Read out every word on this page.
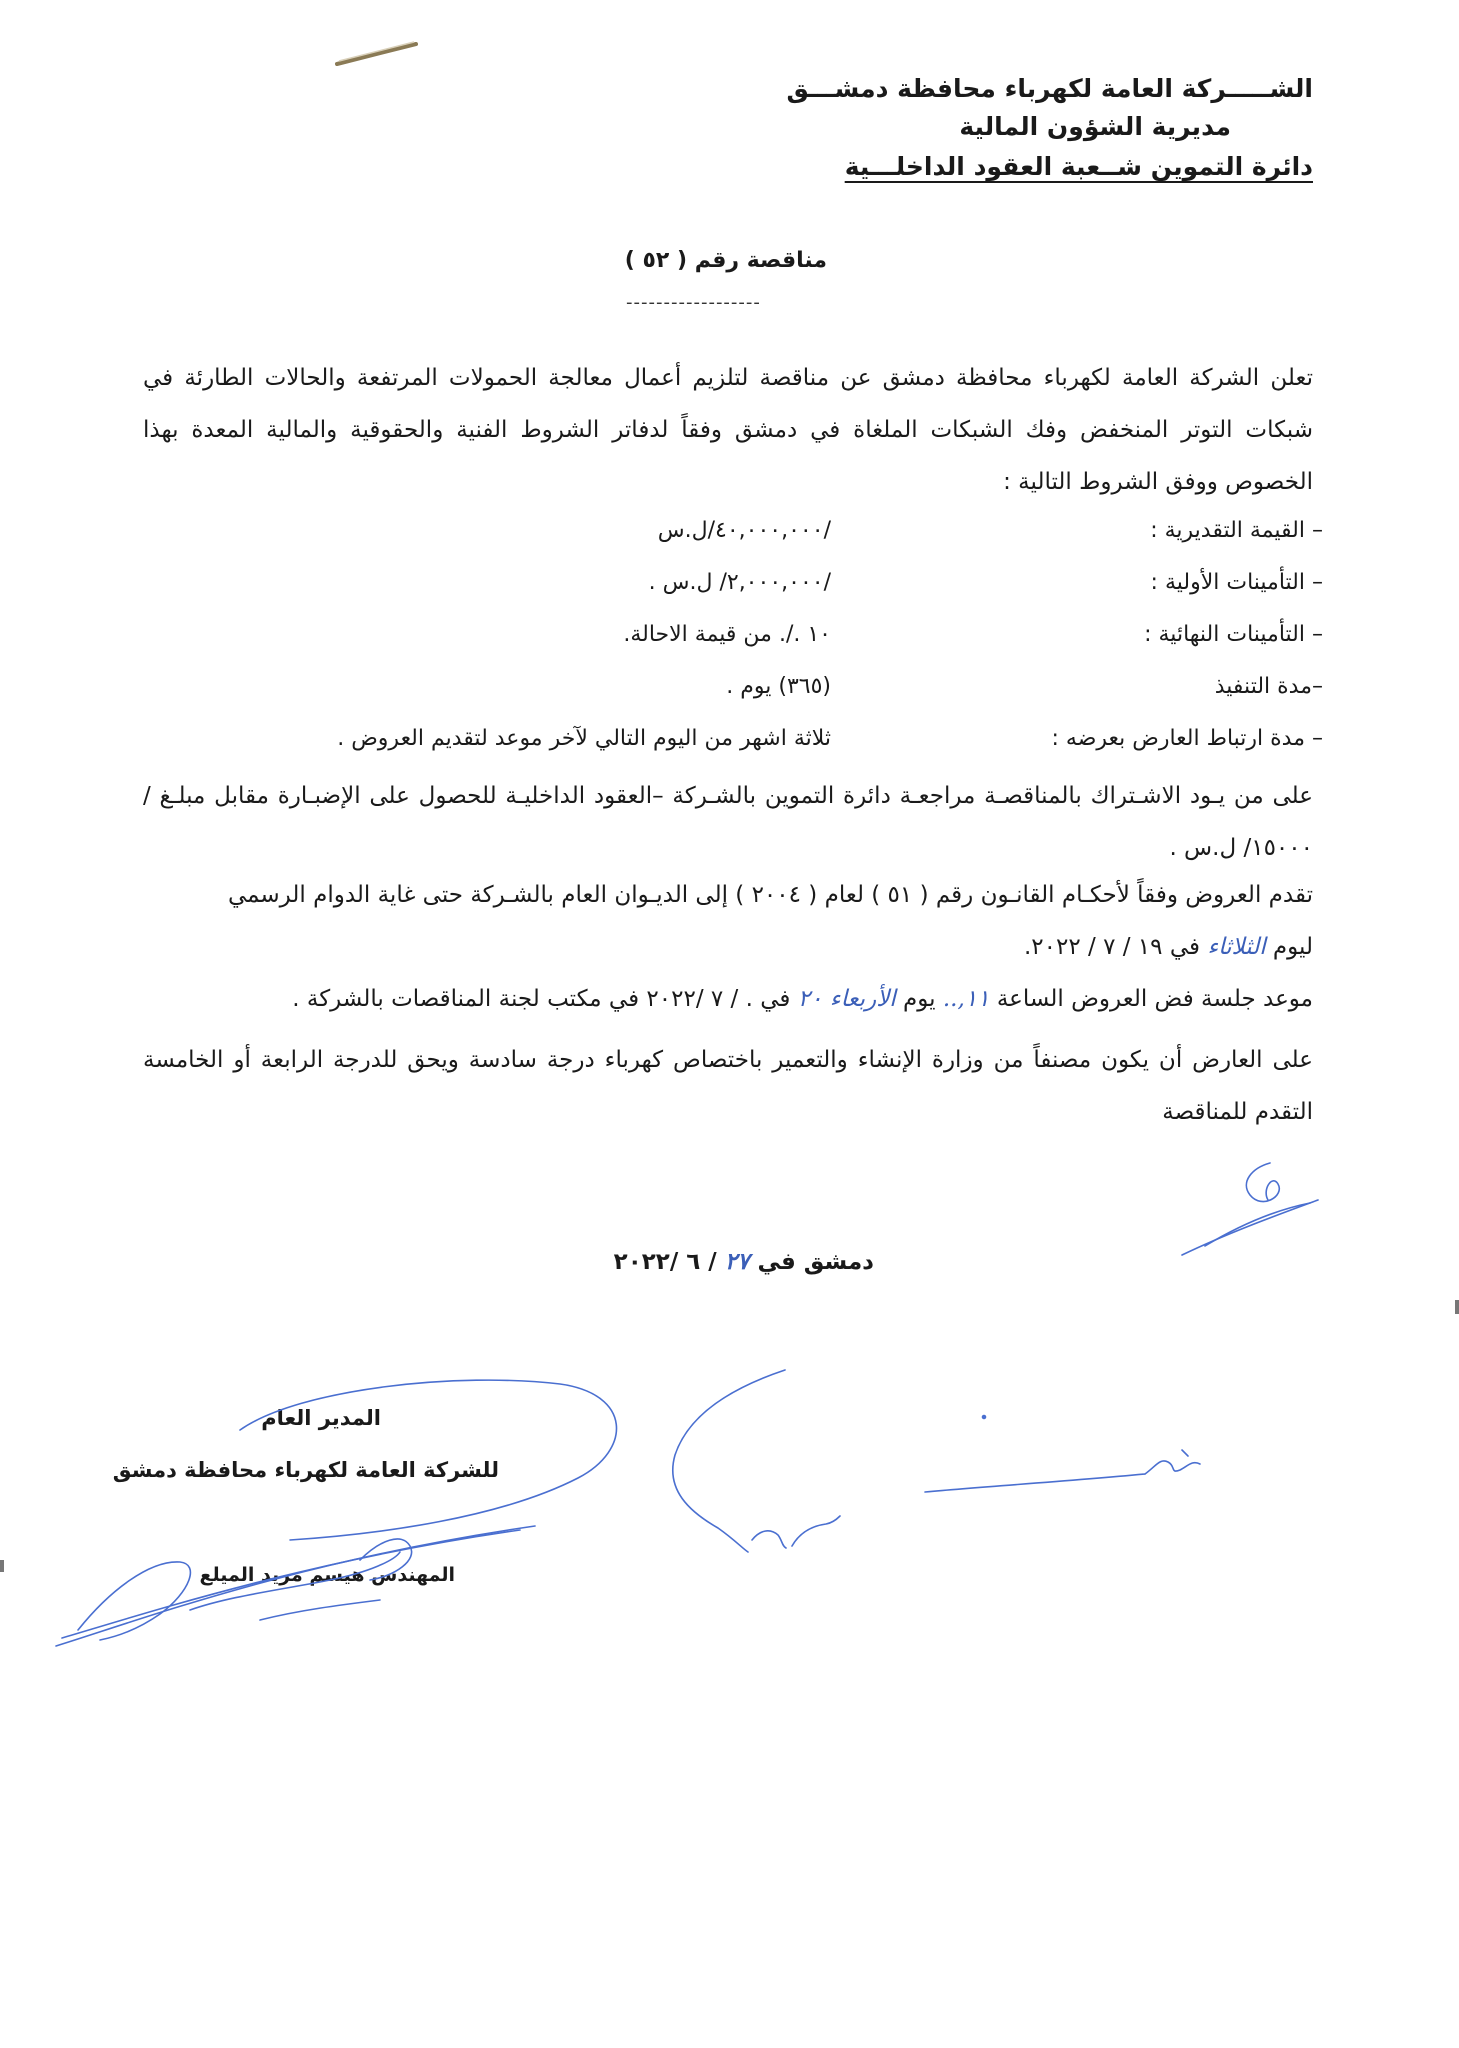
الشـــــركة العامة لكهرباء محافظة دمشـــق
مديرية الشؤون المالية
دائرة التموين شــعبة العقود الداخلـــية
مناقصة رقم ( ٥٢ )
------------------
تعلن الشركة العامة لكهرباء محافظة دمشق عن مناقصة لتلزيم أعمال معالجة الحمولات المرتفعة والحالات الطارئة في شبكات التوتر المنخفض وفك الشبكات الملغاة في دمشق وفقاً لدفاتر الشروط الفنية والحقوقية والمالية المعدة بهذا الخصوص ووفق الشروط التالية :
– القيمة التقديرية :
/٤٠,٠٠٠,٠٠٠/ل.س
– التأمينات الأولية :
/٢,٠٠٠,٠٠٠/ ل.س .
– التأمينات النهائية :
١٠ ./. من قيمة الاحالة.
–مدة التنفيذ
(٣٦٥) يوم .
– مدة ارتباط العارض بعرضه :
ثلاثة اشهر من اليوم التالي لآخر موعد لتقديم العروض .
على من يـود الاشـتراك بالمناقصـة مراجعـة دائرة التموين بالشـركة –العقود الداخليـة للحصول على الإضبـارة مقابل مبلـغ /١٥٠٠٠/ ل.س .
تقدم العروض وفقاً لأحكـام القانـون رقم ( ٥١ ) لعام ( ٢٠٠٤ ) إلى الديـوان العام بالشـركة حتى غاية الدوام الرسمي
ليوم الثلاثاء في ١٩ / ٧ / ٢٠٢٢.
موعد جلسة فض العروض الساعة ١١,.. يوم الأربعاء ٢٠ في . / ٧ /٢٠٢٢ في مكتب لجنة المناقصات بالشركة .
على العارض أن يكون مصنفاً من وزارة الإنشاء والتعمير باختصاص كهرباء درجة سادسة ويحق للدرجة الرابعة أو الخامسة التقدم للمناقصة
دمشق في ٢٧ / ٦ /٢٠٢٢
المدير العام
للشركة العامة لكهرباء محافظة دمشق
المهندس هيسم مريد الميلع
